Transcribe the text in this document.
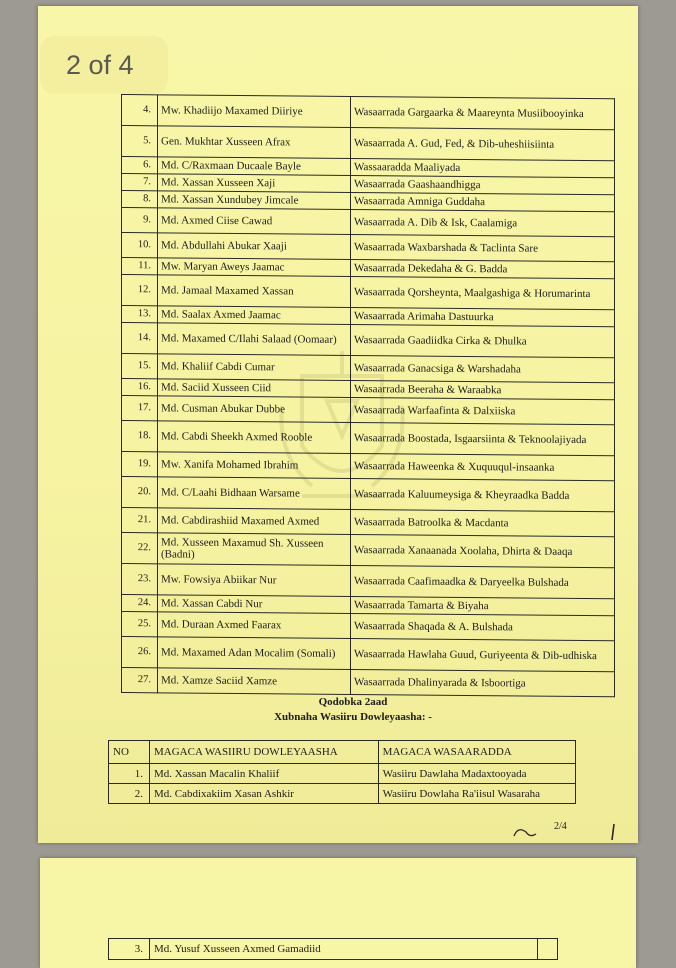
4.	Mw. Khadiijo Maxamed Diiriye	Wasaarrada Gargaarka & Maareynta Musiibooyinka
5.	Gen. Mukhtar Xusseen Afrax	Wasaarrada A. Gud, Fed, & Dib-uheshiisiinta
6.	Md. C/Raxmaan Ducaale Bayle	Wassaaradda Maaliyada
7.	Md. Xassan Xusseen Xaji	Wasaarrada Gaashaandhigga
8.	Md. Xassan Xundubey Jimcale	Wasaarrada Amniga Guddaha
9.	Md. Axmed Ciise Cawad	Wasaarrada A. Dib & Isk, Caalamiga
10.	Md. Abdullahi Abukar Xaaji	Wasaarrada Waxbarshada & Taclinta Sare
11.	Mw. Maryan Aweys Jaamac	Wasaarrada Dekedaha & G. Badda
12.	Md. Jamaal Maxamed Xassan	Wasaarrada Qorsheynta, Maalgashiga & Horumarinta
13.	Md. Saalax Axmed Jaamac	Wasaarrada Arimaha Dastuurka
14.	Md. Maxamed C/Ilahi Salaad (Oomaar)	Wasaarrada Gaadiidka Cirka & Dhulka
15.	Md. Khaliif Cabdi Cumar	Wasaarrada Ganacsiga & Warshadaha
16.	Md. Saciid Xusseen Ciid	Wasaarrada Beeraha & Waraabka
17.	Md. Cusman Abukar Dubbe	Wasaarrada Warfaafinta & Dalxiiska
18.	Md. Cabdi Sheekh Axmed Rooble	Wasaarrada Boostada, Isgaarsiinta & Teknoolajiyada
19.	Mw. Xanifa Mohamed Ibrahim	Wasaarrada Haweenka & Xuquuqul-insaanka
20.	Md. C/Laahi Bidhaan Warsame	Wasaarrada Kaluumeysiga & Kheyraadka Badda
21.	Md. Cabdirashiid Maxamed Axmed	Wasaarrada Batroolka & Macdanta
22.	Md. Xusseen Maxamud Sh. Xusseen (Badni)	Wasaarrada Xanaanada Xoolaha, Dhirta & Daaqa
23.	Mw. Fowsiya Abiikar Nur	Wasaarrada Caafimaadka & Daryeelka Bulshada
24.	Md. Xassan Cabdi Nur	Wasaarrada Tamarta & Biyaha
25.	Md. Duraan Axmed Faarax	Wasaarrada Shaqada & A. Bulshada
26.	Md. Maxamed Adan Mocalim (Somali)	Wasaarrada Hawlaha Guud, Guriyeenta & Dib-udhiska
27.	Md. Xamze Saciid Xamze	Wasaarrada Dhalinyarada & Isboortiga
Qodobka 2aad
Xubnaha Wasiiru Dowleyaasha: -
NO	MAGACA WASIIRU DOWLEYAASHA	MAGACA WASAARADDA
1.	Md. Xassan Macalin Khaliif	Wasiiru Dawlaha Madaxtooyada
2.	Md. Cabdixakiim Xasan Ashkir	Wasiiru Dowlaha Ra'iisul Wasaraha
2/4
2 of 4
3.	Md. Yusuf Xusseen Axmed Gamadiid	
